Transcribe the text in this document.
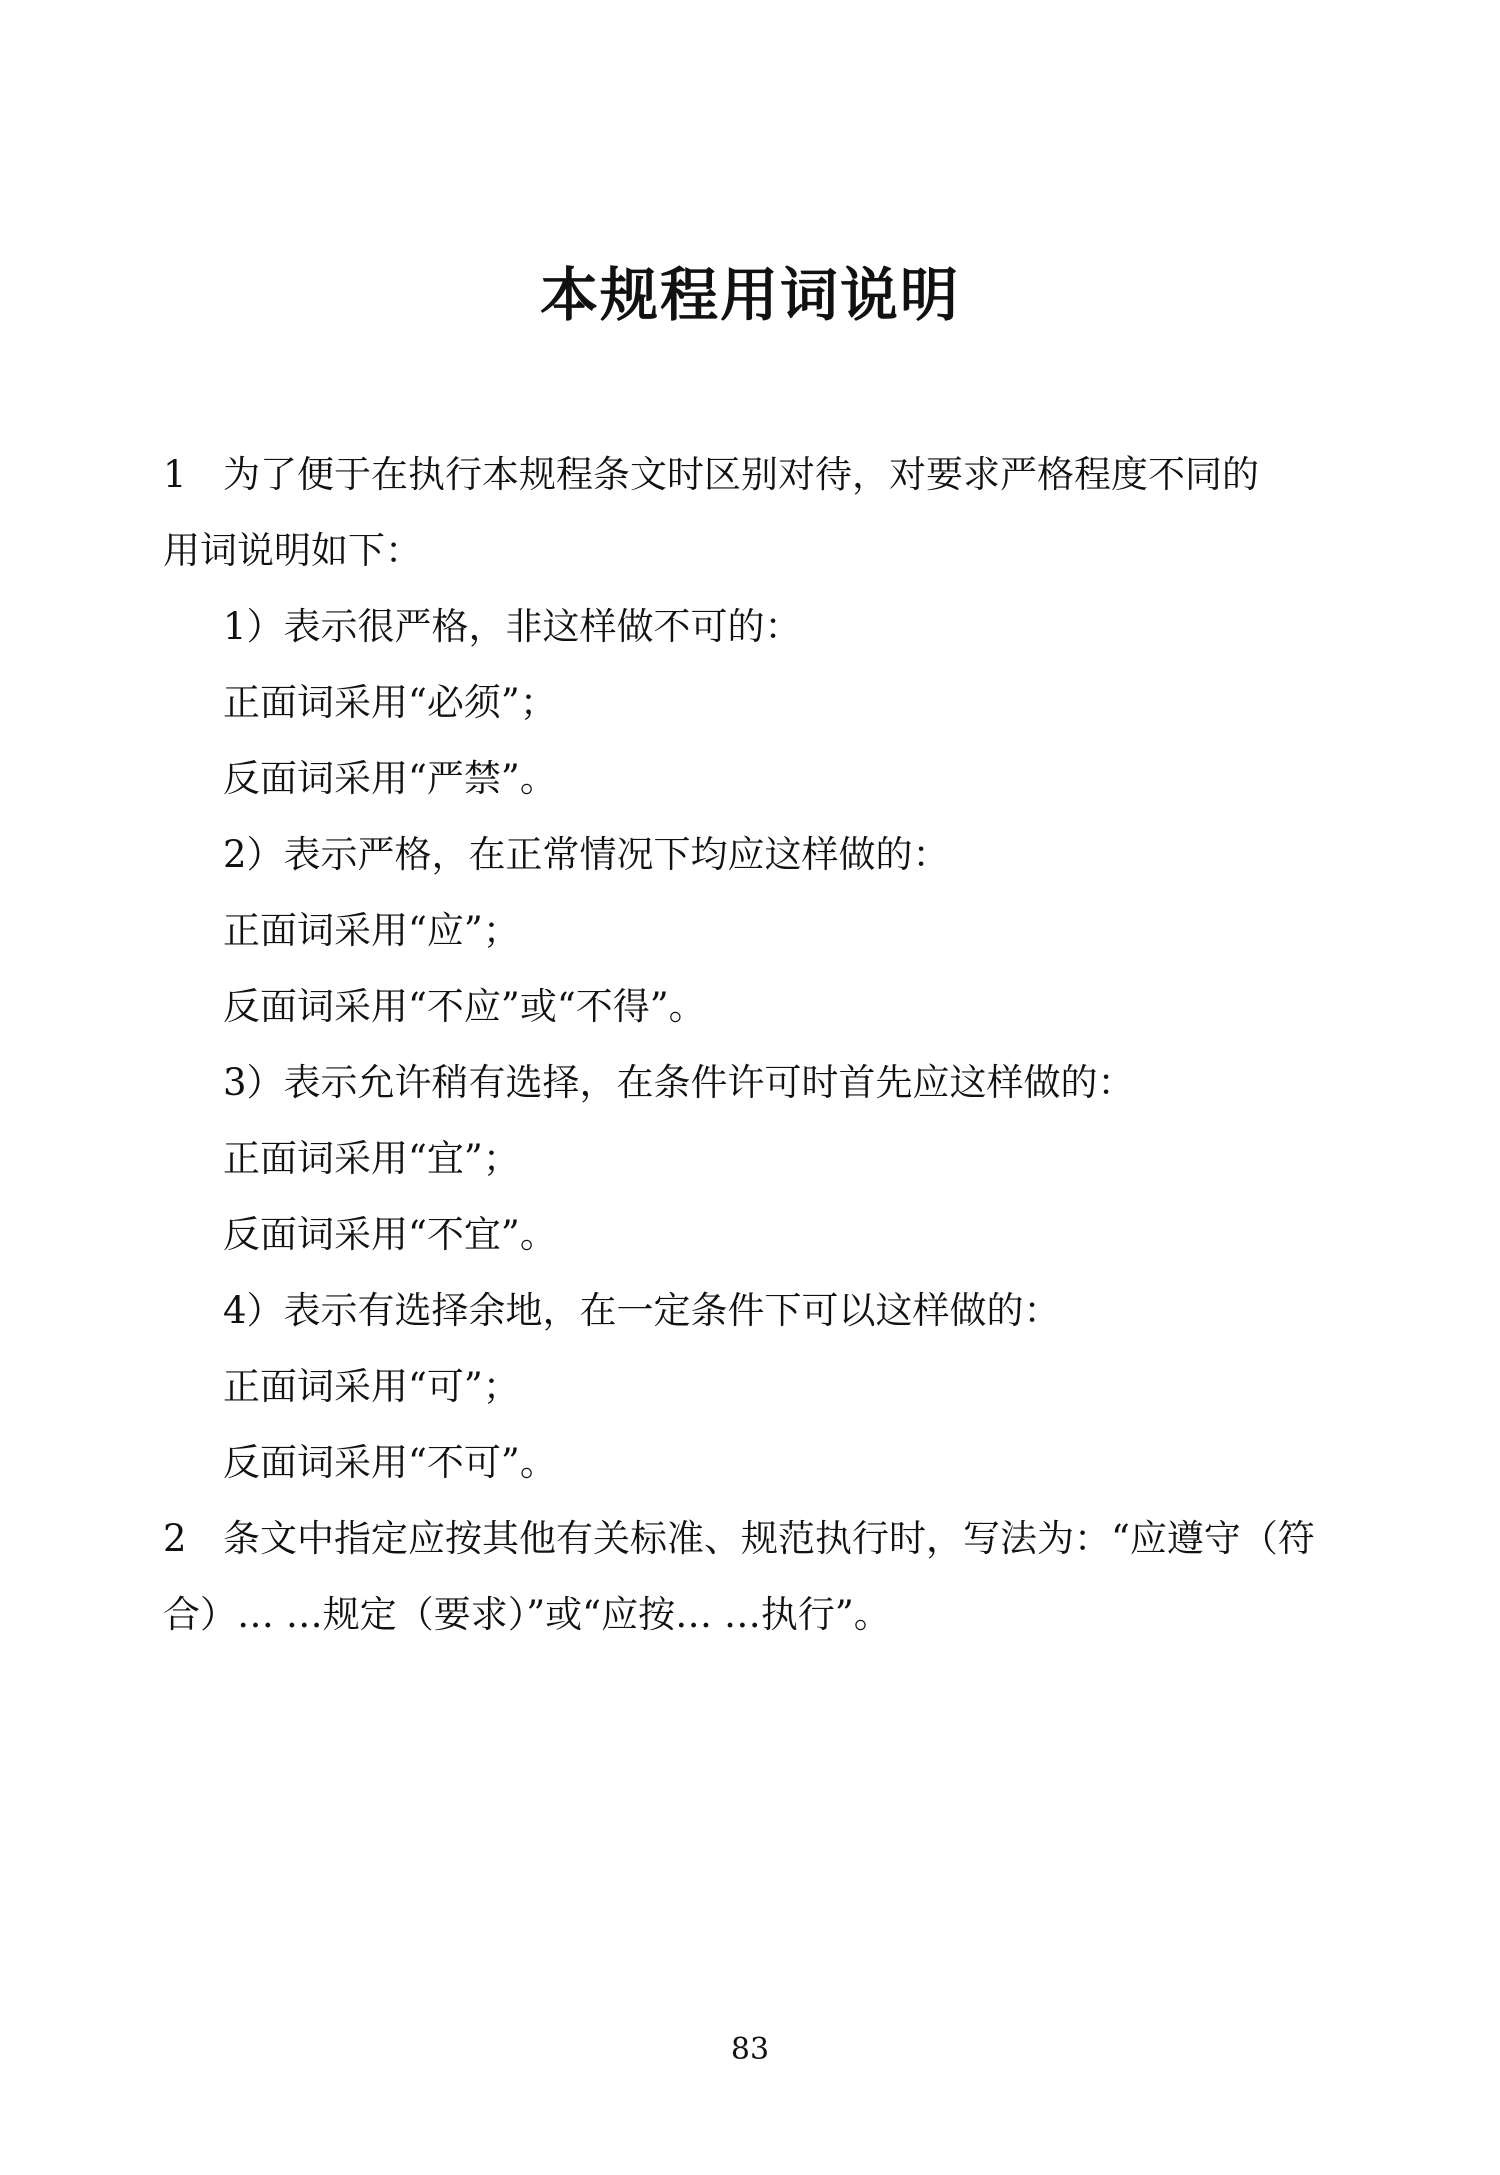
本规程用词说明
1 为了便于在执行本规程条文时区别对待，对要求严格程度不同的
用词说明如下：
1）表示很严格，非这样做不可的：
正面词采用“必须”；
反面词采用“严禁”。
2）表示严格，在正常情况下均应这样做的：
正面词采用“应”；
反面词采用“不应”或“不得”。
3）表示允许稍有选择，在条件许可时首先应这样做的：
正面词采用“宜”；
反面词采用“不宜”。
4）表示有选择余地，在一定条件下可以这样做的：
正面词采用“可”；
反面词采用“不可”。
2 条文中指定应按其他有关标准、规范执行时，写法为：“应遵守（符
合）… …规定（要求）”或“应按… …执行”。
83
